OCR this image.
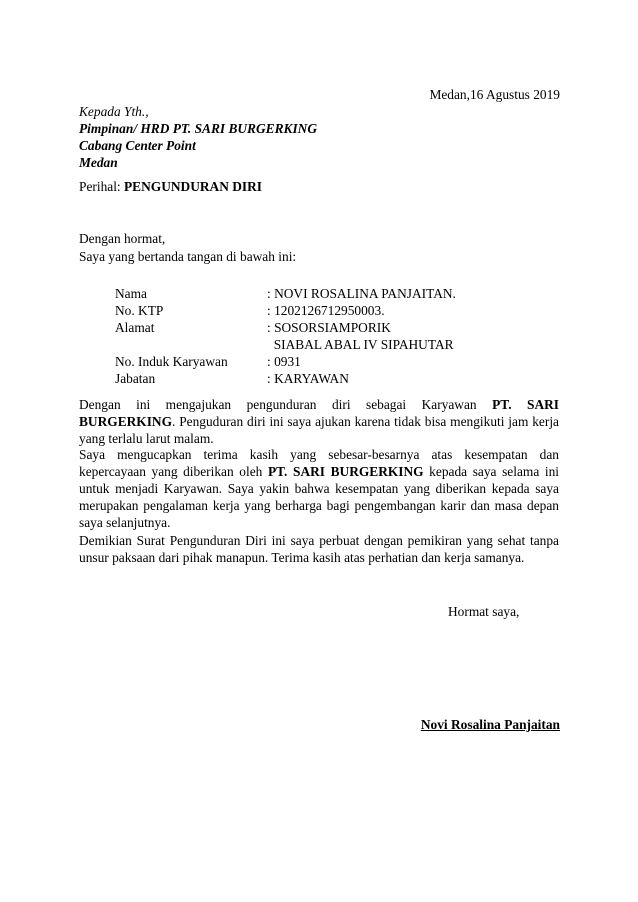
Medan,16 Agustus 2019
Kepada Yth.,
Pimpinan/ HRD PT. SARI BURGERKING
Cabang Center Point
Medan
Perihal: PENGUNDURAN DIRI
Dengan hormat,
Saya yang bertanda tangan di bawah ini:
Nama	: NOVI ROSALINA PANJAITAN.
No. KTP	: 1202126712950003.
Alamat	: SOSORSIAMPORIK
	SIABAL ABAL IV SIPAHUTAR
No. Induk Karyawan	: 0931
Jabatan	: KARYAWAN
Dengan ini mengajukan pengunduran diri sebagai Karyawan PT. SARI BURGERKING. Penguduran diri ini saya ajukan karena tidak bisa mengikuti jam kerja yang terlalu larut malam.
Saya mengucapkan terima kasih yang sebesar-besarnya atas kesempatan dan kepercayaan yang diberikan oleh PT. SARI BURGERKING kepada saya selama ini untuk menjadi Karyawan. Saya yakin bahwa kesempatan yang diberikan kepada saya merupakan pengalaman kerja yang berharga bagi pengembangan karir dan masa depan saya selanjutnya.
Demikian Surat Pengunduran Diri ini saya perbuat dengan pemikiran yang sehat tanpa unsur paksaan dari pihak manapun. Terima kasih atas perhatian dan kerja samanya.
Hormat saya,
Novi Rosalina Panjaitan
